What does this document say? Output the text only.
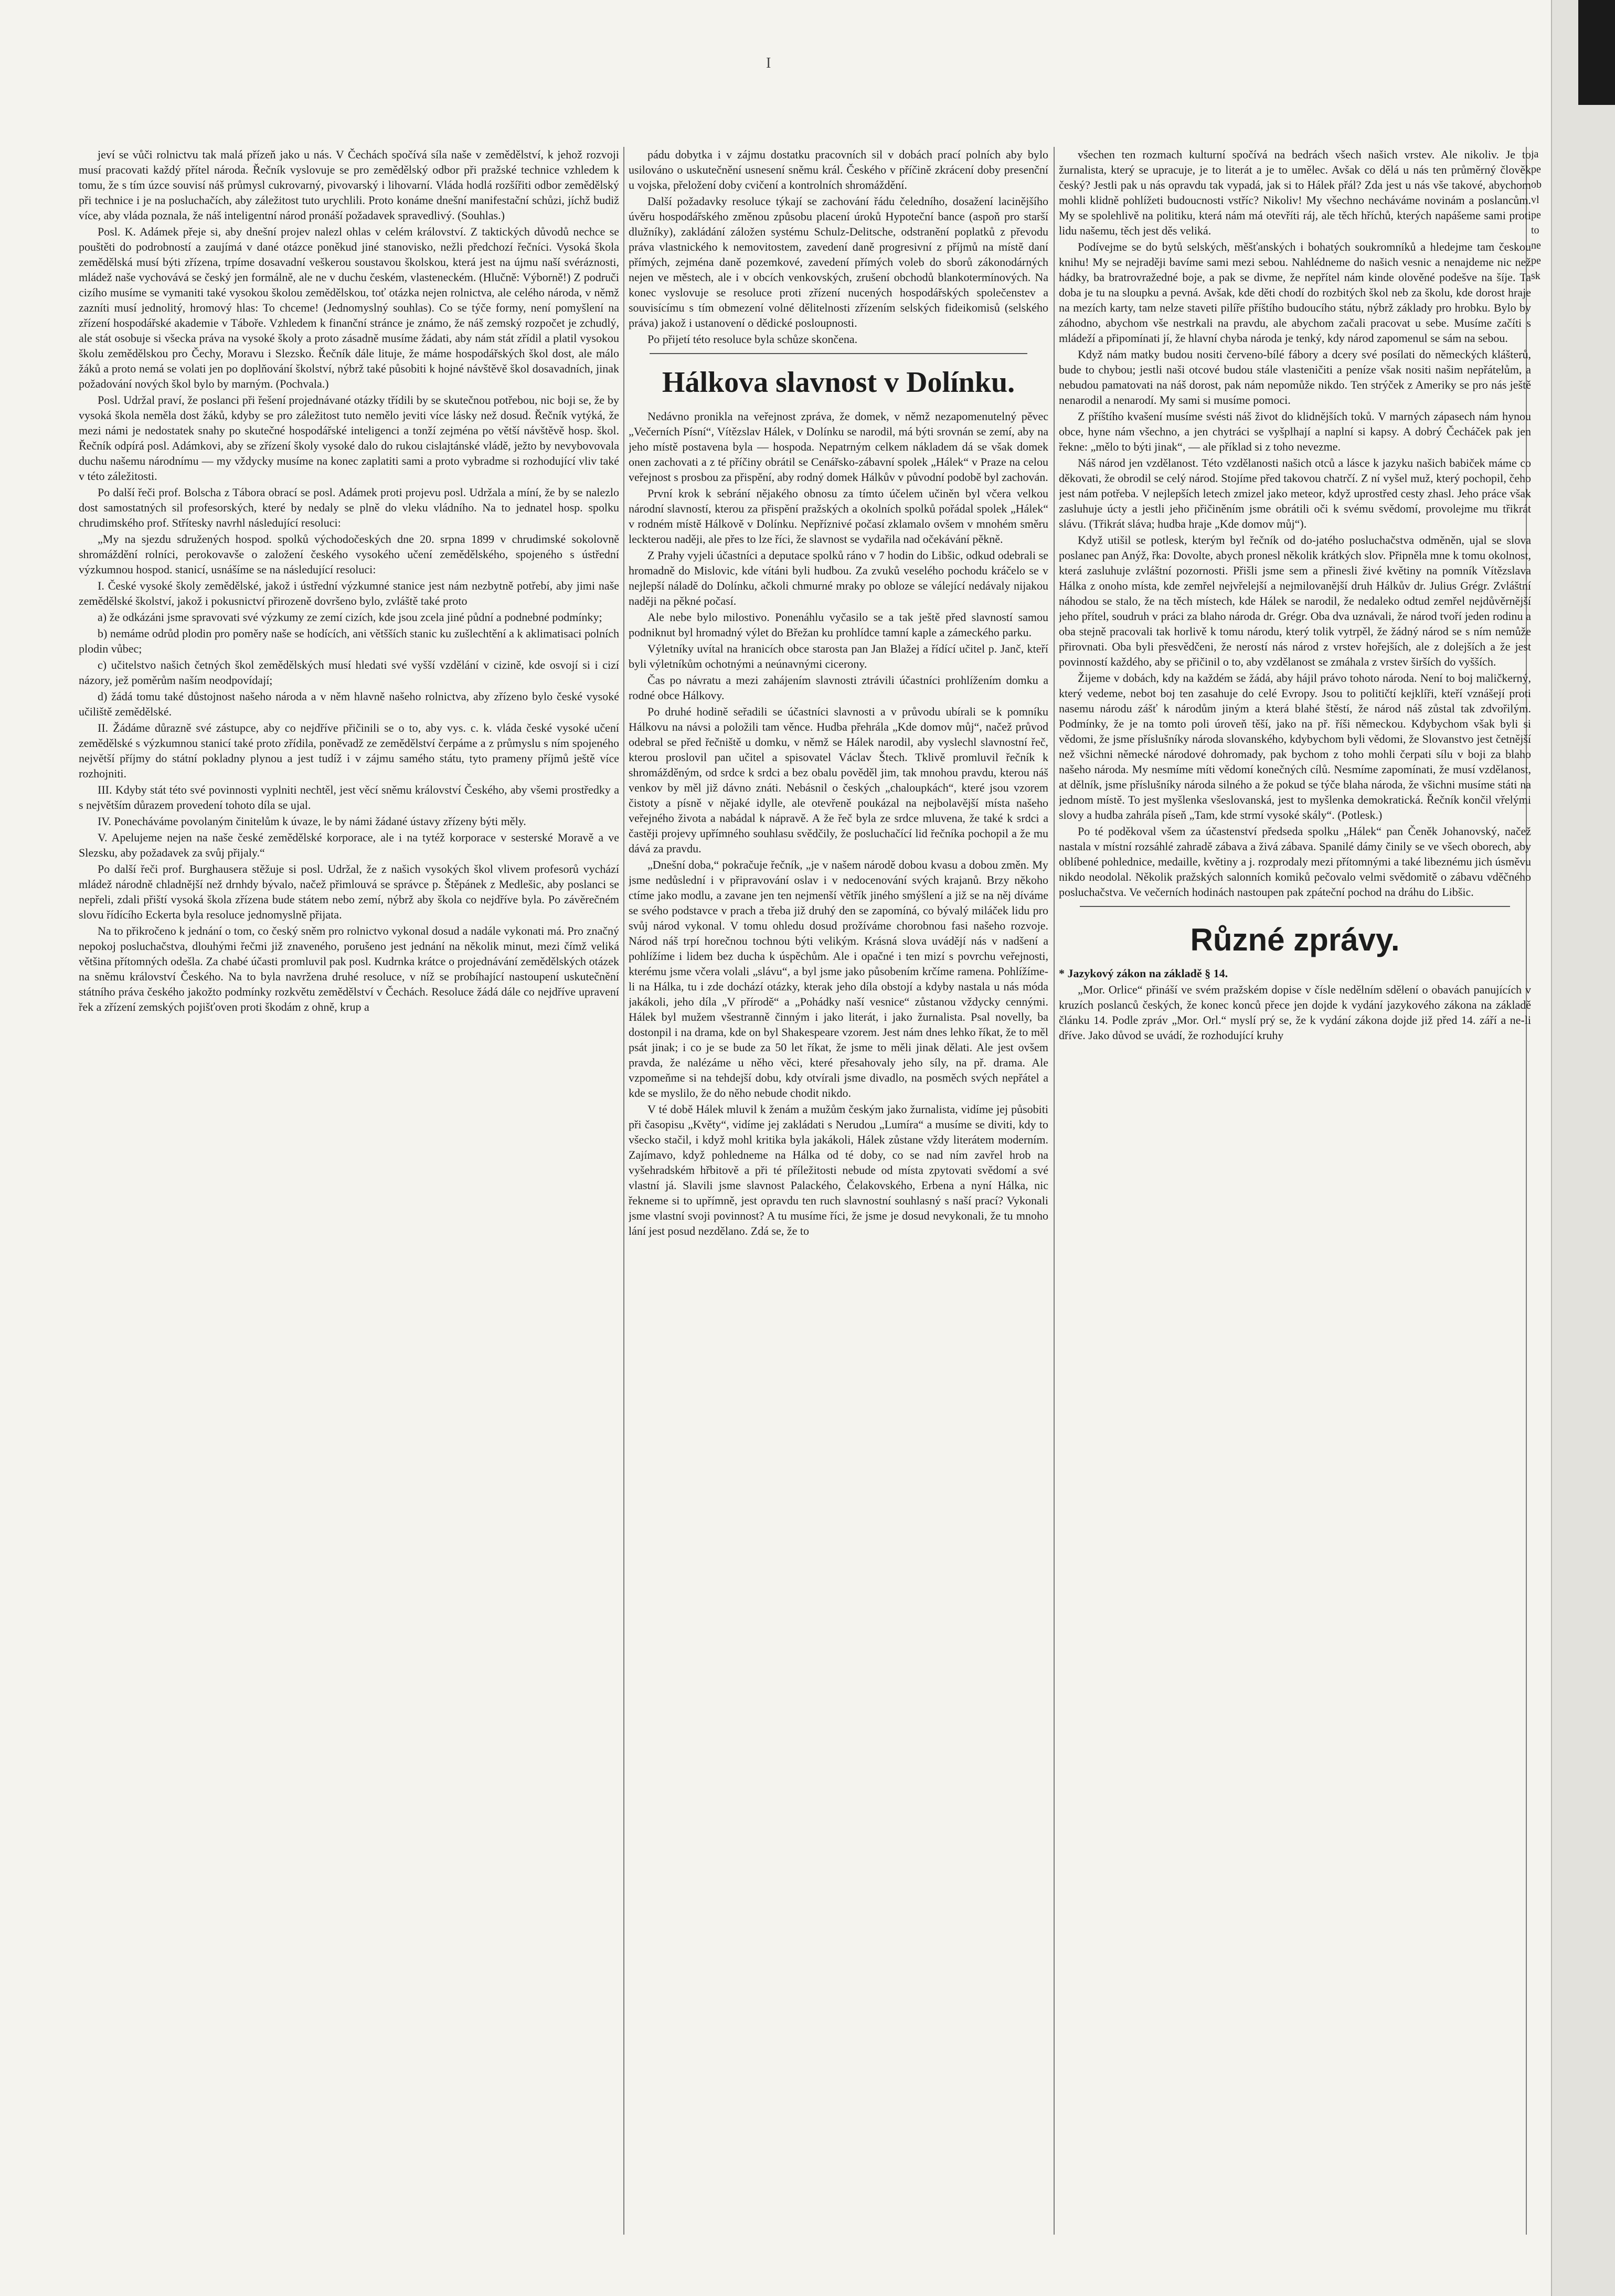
I

jeví se vůči rolnictvu tak malá přízeň jako u nás. V Čechách spočívá síla naše v zemědělství, k jehož rozvoji musí pracovati každý přítel národa. Řečník vyslovuje se pro zemědělský odbor při pražské technice vzhledem k tomu, že s tím úzce souvisí náš průmysl cukrovarný, pivovarský i lihovarní. Vláda hodlá rozšířiti odbor zemědělský při technice i je na posluchačích, aby záležitost tuto urychlili. Proto konáme dnešní manifestační schůzi, jíchž budiž více, aby vláda poznala, že náš inteligentní národ pronáší požadavek spravedlivý. (Souhlas.)

Posl. K. Adámek přeje si, aby dnešní projev nalezl ohlas v celém království. Z taktických důvodů nechce se pouštěti do podrobností a zaujímá v dané otázce poněkud jiné stanovisko, nežli předchozí řečníci. Vysoká škola zemědělská musí býti zřízena, trpíme dosavadní veškerou soustavou školskou, která jest na újmu naší svéráznosti, mládež naše vychovává se český jen formálně, ale ne v duchu českém, vlasteneckém. (Hlučně: Výborně!) Z područi cizího musíme se vymaniti také vysokou školou zemědělskou, toť otázka nejen rolnictva, ale celého národa, v němž zazníti musí jednolitý, hromový hlas: To chceme! (Jednomyslný souhlas). Co se týče formy, není pomyšlení na zřízení hospodářské akademie v Táboře. Vzhledem k finanční stránce je známo, že náš zemský rozpočet je zchudlý, ale stát osobuje si všecka práva na vysoké školy a proto zásadně musíme žádati, aby nám stát zřídil a platil vysokou školu zemědělskou pro Čechy, Moravu i Slezsko. Řečník dále lituje, že máme hospodářských škol dost, ale málo žáků a proto nemá se volati jen po doplňování školství, nýbrž také působiti k hojné návštěvě škol dosavadních, jinak požadování nových škol bylo by marným. (Pochvala.)

Posl. Udržal praví, že poslanci při řešení projednávané otázky třídili by se skutečnou potřebou, nic boji se, že by vysoká škola neměla dost žáků, kdyby se pro záležitost tuto nemělo jeviti více lásky než dosud. Řečník vytýká, že mezi námi je nedostatek snahy po skutečné hospodářské inteligenci a tonží zejména po větší návštěvě hosp. škol. Řečník odpírá posl. Adámkovi, aby se zřízení školy vysoké dalo do rukou cislajtánské vládě, ježto by nevybovovala duchu našemu národnímu — my vždycky musíme na konec zaplatiti sami a proto vybradme si rozhodující vliv také v této záležitosti.

Po další řeči prof. Bolscha z Tábora obrací se posl. Adámek proti projevu posl. Udržala a míní, že by se nalezlo dost samostatných sil profesorských, které by nedaly se plně do vleku vládního. Na to jednatel hosp. spolku chrudimského prof. Střítesky navrhl následující resoluci:

„My na sjezdu sdružených hospod. spolků východočeských dne 20. srpna 1899 v chrudimské sokolovně shromáždění rolníci, perokovavše o založení českého vysokého učení zemědělského, spojeného s ústřední výzkumnou hospod. stanicí, usnášíme se na následující resoluci:

I. České vysoké školy zemědělské, jakož i ústřední výzkumné stanice jest nám nezbytně potřebí, aby jimi naše zemědělské školství, jakož i pokusnictví přirozeně dovršeno bylo, zvláště také proto

a) že odkázáni jsme spravovati své výzkumy ze zemí cizích, kde jsou zcela jiné půdní a podnebné podmínky;

b) nemáme odrůd plodin pro poměry naše se hodících, ani většších stanic ku zušlechtění a k aklimatisaci polních plodin vůbec;

c) učitelstvo našich četných škol zemědělských musí hledati své vyšší vzdělání v cizině, kde osvojí si i cizí názory, jež poměrům naším neodpovídají;

d) žádá tomu také důstojnost našeho národa a v něm hlavně našeho rolnictva, aby zřízeno bylo české vysoké učiliště zemědělské.

II. Žádáme důrazně své zástupce, aby co nejdříve přičinili se o to, aby vys. c. k. vláda české vysoké učení zemědělské s výzkumnou stanicí také proto zřídila, poněvadž ze zemědělství čerpáme a z průmyslu s ním spojeného největší příjmy do státní pokladny plynou a jest tudíž i v zájmu samého státu, tyto prameny příjmů ještě více rozhojniti.

III. Kdyby stát této své povinnosti vyplniti nechtěl, jest věcí sněmu království Českého, aby všemi prostředky a s největším důrazem provedení tohoto díla se ujal.

IV. Ponecháváme povolaným činitelům k úvaze, le by námi žádané ústavy zřízeny býti měly.

V. Apelujeme nejen na naše české zemědělské korporace, ale i na tytéž korporace v sesterské Moravě a ve Slezsku, aby požadavek za svůj přijaly.“

Po další řeči prof. Burghausera stěžuje si posl. Udržal, že z našich vysokých škol vlivem profesorů vychází mládež národně chladnější než drnhdy bývalo, načež přimlouvá se správce p. Štěpánek z Medlešic, aby poslanci se nepřeli, zdali přiští vysoká škola zřízena bude státem nebo zemí, nýbrž aby škola co nejdříve byla. Po závěrečném slovu řídícího Eckerta byla resoluce jednomyslně přijata.

Na to přikročeno k jednání o tom, co český sněm pro rolnictvo vykonal dosud a nadále vykonati má. Pro značný nepokoj posluchačstva, dlouhými řečmi již znaveného, porušeno jest jednání na několik minut, mezi čímž veliká většina přítomných odešla. Za chabé účasti promluvil pak posl. Kudrnka krátce o projednávání zemědělských otázek na sněmu království Českého. Na to byla navržena druhé resoluce, v níž se probíhající nastoupení uskutečnění státního práva českého jakožto podmínky rozkvětu zemědělství v Čechách. Resoluce žádá dále co nejdříve upravení řek a zřízení zemských pojišťoven proti škodám z ohně, krup a

pádu dobytka i v zájmu dostatku pracovních sil v dobách prací polních aby bylo usilováno o uskutečnění usnesení sněmu král. Českého v příčině zkrácení doby presenční u vojska, přeložení doby cvičení a kontrolních shromáždění.

Další požadavky resoluce týkají se zachování řádu čeledního, dosažení lacinějšího úvěru hospodářského změnou způsobu placení úroků Hypoteční bance (aspoň pro starší dlužníky), zakládání záložen systému Schulz-Delitsche, odstranění poplatků z převodu práva vlastnického k nemovitostem, zavedení daně progresivní z příjmů na místě daní přímých, zejména daně pozemkové, zavedení přímých voleb do sborů zákonodárných nejen ve městech, ale i v obcích venkovských, zrušení obchodů blankotermínových. Na konec vyslovuje se resoluce proti zřízení nucených hospodářských společenstev a souvisícímu s tím obmezení volné dělitelnosti zřízením selských fideikomisů (selského práva) jakož i ustanovení o dědické posloupnosti.

Po přijetí této resoluce byla schůze skončena.

Hálkova slavnost v Dolínku.

Nedávno pronikla na veřejnost zpráva, že domek, v němž nezapomenutelný pěvec „Večerních Písní“, Vítězslav Hálek, v Dolínku se narodil, má býti srovnán se zemí, aby na jeho místě postavena byla — hospoda. Nepatrným celkem nákladem dá se však domek onen zachovati a z té příčiny obrátil se Cenářsko-zábavní spolek „Hálek“ v Praze na celou veřejnost s prosbou za přispění, aby rodný domek Hálkův v původní podobě byl zachován.

První krok k sebrání nějakého obnosu za tímto účelem učiněn byl včera velkou národní slavností, kterou za přispění pražských a okolních spolků pořádal spolek „Hálek“ v rodném místě Hálkově v Dolínku. Nepříznivé počasí zklamalo ovšem v mnohém směru leckterou naději, ale přes to lze říci, že slavnost se vydařila nad očekávání pěkně.

Z Prahy vyjeli účastníci a deputace spolků ráno v 7 hodin do Libšic, odkud odebrali se hromadně do Mislovic, kde vítáni byli hudbou. Za zvuků veselého pochodu kráčelo se v nejlepší náladě do Dolínku, ačkoli chmurné mraky po obloze se válející nedávaly nijakou naději na pěkné počasí.

Ale nebe bylo milostivo. Ponenáhlu vyčasilo se a tak ještě před slavností samou podniknut byl hromadný výlet do Břežan ku prohlídce tamní kaple a zámeckého parku.

Výletníky uvítal na hranicích obce starosta pan Jan Blažej a řídící učitel p. Janč, kteří byli výletníkům ochotnými a neúnavnými cicerony.

Čas po návratu a mezi zahájením slavnosti ztrávili účastníci prohlížením domku a rodné obce Hálkovy.

Po druhé hodině seřadili se účastníci slavnosti a v průvodu ubírali se k pomníku Hálkovu na návsi a položili tam věnce. Hudba přehrála „Kde domov můj“, načež průvod odebral se před řečniště u domku, v němž se Hálek narodil, aby vyslechl slavnostní řeč, kterou proslovil pan učitel a spisovatel Václav Štech. Tklivě promluvil řečník k shromážděným, od srdce k srdci a bez obalu pověděl jim, tak mnohou pravdu, kterou náš venkov by měl již dávno znáti. Nebásnil o českých „chaloupkách“, které jsou vzorem čistoty a písně v nějaké idylle, ale otevřeně poukázal na nejbolavější místa našeho veřejného života a nabádal k nápravě. A že řeč byla ze srdce mluvena, že také k srdci a častěji projevy upřímného souhlasu svědčily, že posluchačící lid řečníka pochopil a že mu dává za pravdu.

„Dnešní doba,“ pokračuje řečník, „je v našem národě dobou kvasu a dobou změn. My jsme nedůslední i v připravování oslav i v nedocenování svých krajanů. Brzy někoho ctíme jako modlu, a zavane jen ten nejmenší větřík jiného smýšlení a již se na něj díváme se svého podstavce v prach a třeba již druhý den se zapomíná, co bývalý miláček lidu pro svůj národ vykonal. V tomu ohledu dosud prožíváme chorobnou fasi našeho rozvoje. Národ náš trpí horečnou tochnou býti velikým. Krásná slova uvádějí nás v nadšení a pohlížíme i lidem bez ducha k úspěchům. Ale i opačné i ten mizí s povrchu veřejnosti, kterému jsme včera volali „slávu“, a byl jsme jako působením krčíme ramena. Pohlížíme-li na Hálka, tu i zde dochází otázky, kterak jeho díla obstojí a kdyby nastala u nás móda jakákoli, jeho díla „V přírodě“ a „Pohádky naší vesnice“ zůstanou vždycky cennými. Hálek byl mužem všestranně činným i jako literát, i jako žurnalista. Psal novelly, ba dostonpil i na drama, kde on byl Shakespeare vzorem. Jest nám dnes lehko říkat, že to měl psát jinak; i co je se bude za 50 let říkat, že jsme to měli jinak dělati. Ale jest ovšem pravda, že nalézáme u něho věci, které přesahovaly jeho síly, na př. drama. Ale vzpomeňme si na tehdejší dobu, kdy otvírali jsme divadlo, na posměch svých nepřátel a kde se myslilo, že do něho nebude chodit nikdo.

V té době Hálek mluvil k ženám a mužům českým jako žurnalista, vidíme jej působiti při časopisu „Květy“, vidíme jej zakládati s Nerudou „Lumíra“ a musíme se diviti, kdy to všecko stačil, i když mohl kritika byla jakákoli, Hálek zůstane vždy literátem moderním. Zajímavo, když pohledneme na Hálka od té doby, co se nad ním zavřel hrob na vyšehradském hřbitově a při té příležitosti nebude od místa zpytovati svědomí a své vlastní já. Slavili jsme slavnost Palackého, Čelakovského, Erbena a nyní Hálka, nic řekneme si to upřímně, jest opravdu ten ruch slavnostní souhlasný s naší prací? Vykonali jsme vlastní svoji povinnost? A tu musíme říci, že jsme je dosud nevykonali, že tu mnoho lání jest posud nezdělano. Zdá se, že to

všechen ten rozmach kulturní spočívá na bedrách všech našich vrstev. Ale nikoliv. Je to žurnalista, který se upracuje, je to literát a je to umělec. Avšak co dělá u nás ten průměrný člověk český? Jestli pak u nás opravdu tak vypadá, jak si to Hálek přál? Zda jest u nás vše takové, abychom mohli klidně pohlížeti budoucnosti vstříc? Nikoliv! My všechno necháváme novinám a poslancům. My se spolehlivě na politiku, která nám má otevříti ráj, ale těch hříchů, kterých napášeme sami proti lidu našemu, těch jest děs veliká.

Podívejme se do bytů selských, měšťanských i bohatých soukromníků a hledejme tam českou knihu! My se nejraději bavíme sami mezi sebou. Nahlédneme do našich vesnic a nenajdeme nic než hádky, ba bratrovražedné boje, a pak se divme, že nepřítel nám kinde olověné podešve na šíje. Ta doba je tu na sloupku a pevná. Avšak, kde děti chodí do rozbitých škol neb za školu, kde dorost hraje na mezích karty, tam nelze staveti pilíře příštího budoucího státu, nýbrž základy pro hrobku. Bylo by záhodno, abychom vše nestrkali na pravdu, ale abychom začali pracovat u sebe. Musíme začíti s mládeží a připomínati jí, že hlavní chyba národa je tenký, kdy národ zapomenul se sám na sebou.

Když nám matky budou nositi červeno-bílé fábory a dcery své posílati do německých klášterů, bude to chybou; jestli naši otcové budou stále vlasteničiti a peníze však nositi našim nepřátelům, a nebudou pamatovati na náš dorost, pak nám nepomůže nikdo. Ten strýček z Ameriky se pro nás ještě nenarodil a nenarodí. My sami si musíme pomoci.

Z příštího kvašení musíme svésti náš život do klidnějších toků. V marných zápasech nám hynou obce, hyne nám všechno, a jen chytráci se vyšplhají a naplní si kapsy. A dobrý Čecháček pak jen řekne: „mělo to býti jinak“, — ale příklad si z toho nevezme.

Náš národ jen vzdělanost. Této vzdělanosti našich otců a lásce k jazyku našich babiček máme co děkovati, že obrodil se celý národ. Stojíme před takovou chatrčí. Z ní vyšel muž, který pochopil, čeho jest nám potřeba. V nejlepších letech zmizel jako meteor, když uprostřed cesty zhasl. Jeho práce však zasluhuje úcty a jestli jeho přičiněním jsme obrátili oči k svému svědomí, provolejme mu třikrát slávu. (Třikrát sláva; hudba hraje „Kde domov můj“).

Když utišil se potlesk, kterým byl řečník od do-jatého posluchačstva odměněn, ujal se slova poslanec pan Anýž, řka: Dovolte, abych pronesl několik krátkých slov. Připněla mne k tomu okolnost, která zasluhuje zvláštní pozornosti. Přišli jsme sem a přinesli živé květiny na pomník Vítězslava Hálka z onoho místa, kde zemřel nejvřelejší a nejmilovanější druh Hálkův dr. Julius Grégr. Zvláštní náhodou se stalo, že na těch místech, kde Hálek se narodil, že nedaleko odtud zemřel nejdůvěrnější jeho přítel, soudruh v práci za blaho národa dr. Grégr. Oba dva uznávali, že národ tvoří jeden rodinu a oba stejně pracovali tak horlivě k tomu národu, který tolik vytrpěl, že žádný národ se s ním nemůže přirovnati. Oba byli přesvědčeni, že nerostí nás národ z vrstev hořejších, ale z dolejších a že jest povinností každého, aby se přičinil o to, aby vzdělanost se zmáhala z vrstev širších do vyšších.

Žijeme v dobách, kdy na každém se žádá, aby hájil právo tohoto národa. Není to boj maličkerný, který vedeme, nebot boj ten zasahuje do celé Evropy. Jsou to političtí kejklíři, kteří vznášejí proti nasemu národu zášť k národům jiným a která blahé štěstí, že národ náš zůstal tak zdvořilým. Podmínky, že je na tomto poli úroveň těší, jako na př. říši německou. Kdybychom však byli si vědomi, že jsme příslušníky národa slovanského, kdybychom byli vědomi, že Slovanstvo jest četnější než všichni německé národové dohromady, pak bychom z toho mohli čerpati sílu v boji za blaho našeho národa. My nesmíme míti vědomí konečných cílů. Nesmíme zapomínati, že musí vzdělanost, at dělník, jsme příslušníky národa silného a že pokud se týče blaha národa, že všichni musíme státi na jednom místě. To jest myšlenka všeslovanská, jest to myšlenka demokratická. Řečník končil vřelými slovy a hudba zahrála píseň „Tam, kde strmí vysoké skály“. (Potlesk.)

Po té poděkoval všem za účastenství předseda spolku „Hálek“ pan Čeněk Johanovský, načež nastala v místní rozsáhlé zahradě zábava a živá zábava. Spanilé dámy činily se ve všech oborech, aby oblíbené pohlednice, medaille, květiny a j. rozprodaly mezi přítomnými a také libeznému jich úsměvu nikdo neodolal. Několik pražských salonních komiků pečovalo velmi svědomitě o zábavu vděčného posluchačstva. Ve večerních hodinách nastoupen pak zpáteční pochod na dráhu do Libšic.

Různé zprávy.

* Jazykový zákon na základě § 14.

„Mor. Orlice“ přináší ve svém pražském dopise v čísle nedělním sdělení o obavách panujících v kruzích poslanců českých, že konec konců přece jen dojde k vydání jazykového zákona na základě článku 14. Podle zpráv „Mor. Orl.“ myslí prý se, že k vydání zákona dojde již před 14. září a ne-li dříve. Jako důvod se uvádí, že rozhodující kruhy

ja
pe
ob
vl
pe
to
ne
pe
sk
